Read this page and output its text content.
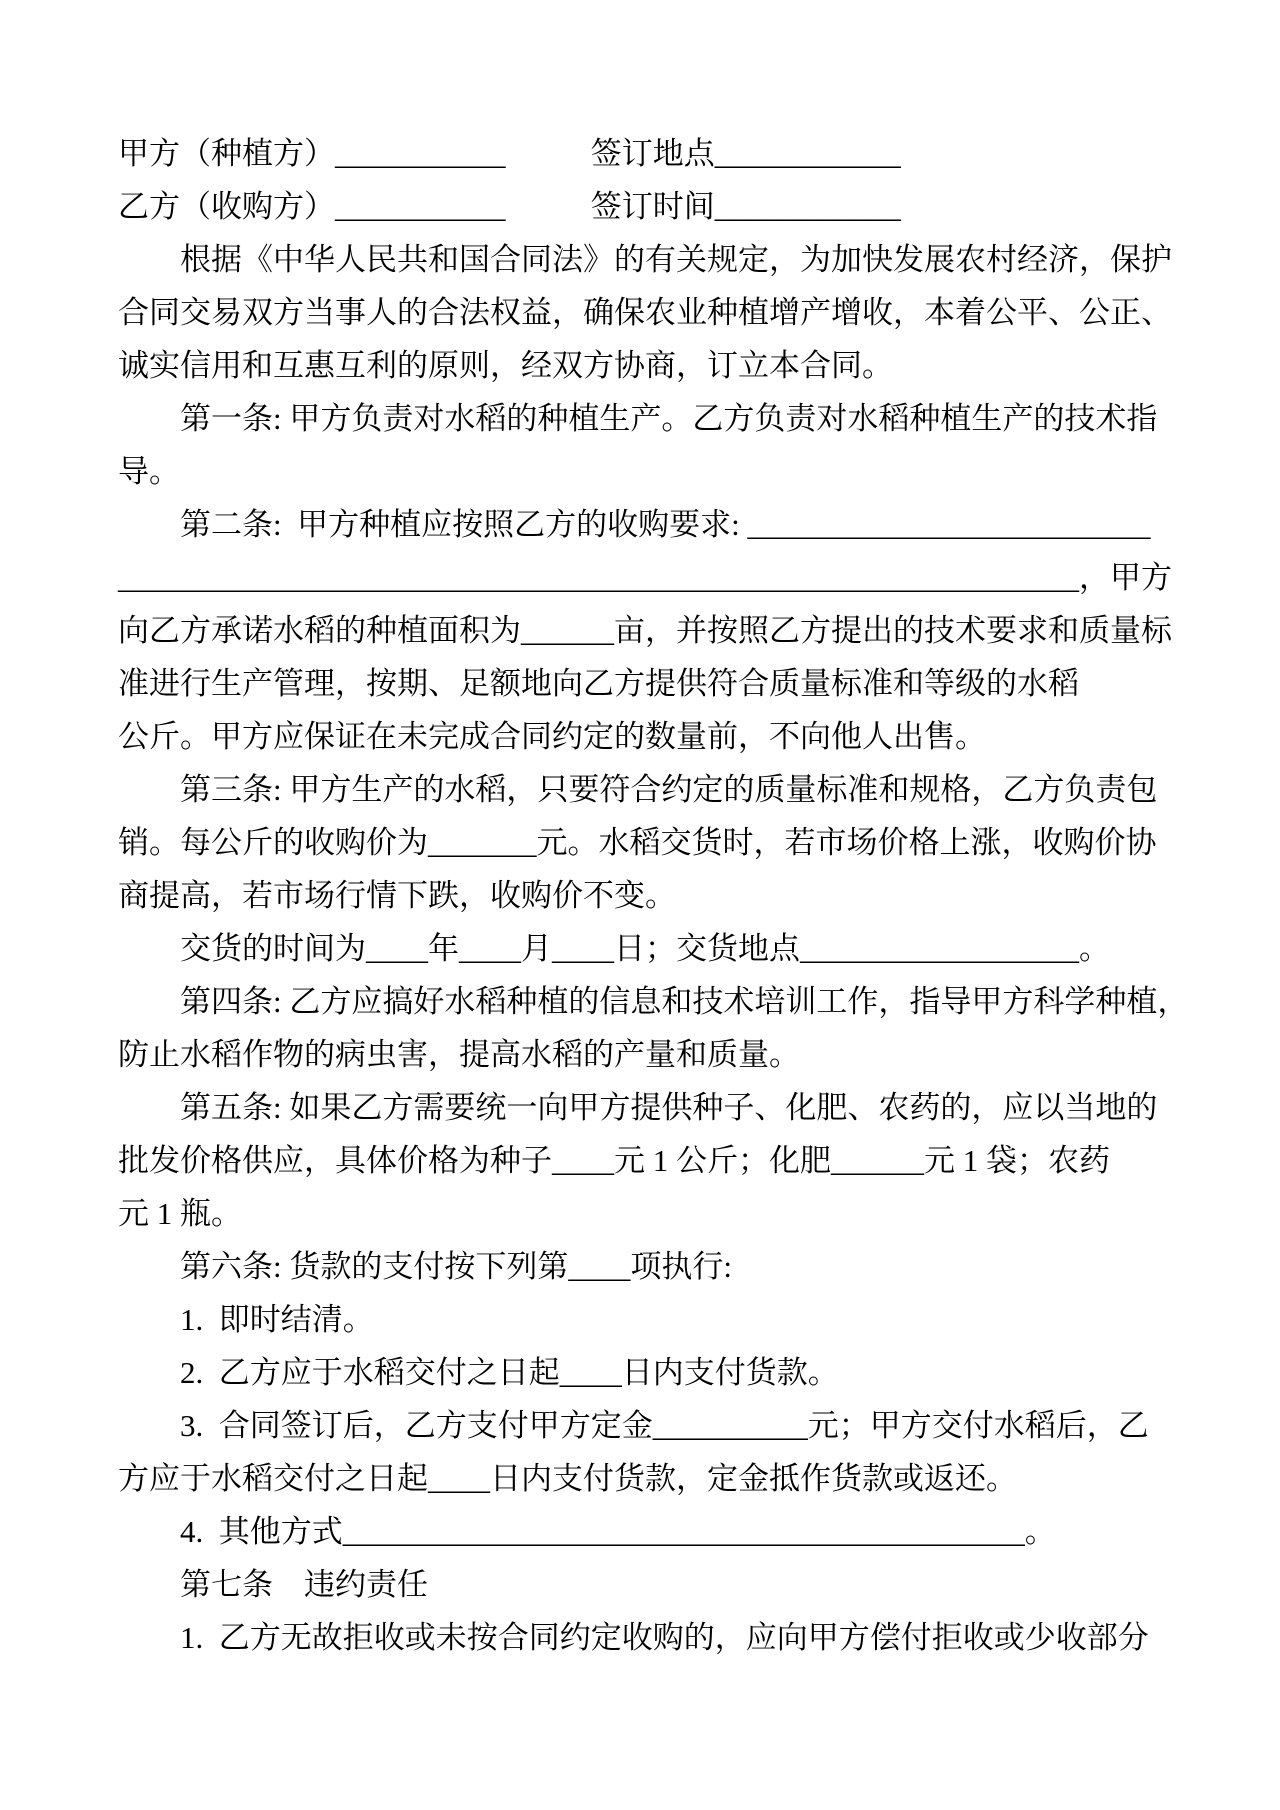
甲方（种植方）___________           签订地点____________
乙方（收购方）___________           签订时间____________
　　根据《中华人民共和国合同法》的有关规定，为加快发展农村经济，保护
合同交易双方当事人的合法权益，确保农业种植增产增收，本着公平、公正、
诚实信用和互惠互利的原则，经双方协商，订立本合同。
　　第一条: 甲方负责对水稻的种植生产。乙方负责对水稻种植生产的技术指
导。
　　第二条:  甲方种植应按照乙方的收购要求: __________________________
______________________________________________________________，甲方
向乙方承诺水稻的种植面积为______亩，并按照乙方提出的技术要求和质量标
准进行生产管理，按期、足额地向乙方提供符合质量标准和等级的水稻
公斤。甲方应保证在未完成合同约定的数量前，不向他人出售。
　　第三条: 甲方生产的水稻，只要符合约定的质量标准和规格，乙方负责包
销。每公斤的收购价为_______元。水稻交货时，若市场价格上涨，收购价协
商提高，若市场行情下跌，收购价不变。
　　交货的时间为____年____月____日；交货地点__________________。
　　第四条: 乙方应搞好水稻种植的信息和技术培训工作，指导甲方科学种植，
防止水稻作物的病虫害，提高水稻的产量和质量。
　　第五条: 如果乙方需要统一向甲方提供种子、化肥、农药的，应以当地的
批发价格供应，具体价格为种子____元 1 公斤；化肥______元 1 袋；农药
元 1 瓶。
　　第六条: 货款的支付按下列第____项执行:
　　1.  即时结清。
　　2.  乙方应于水稻交付之日起____日内支付货款。
　　3.  合同签订后，乙方支付甲方定金__________元；甲方交付水稻后，乙
方应于水稻交付之日起____日内支付货款，定金抵作货款或返还。
　　4.  其他方式____________________________________________。
　　第七条　违约责任
　　1.  乙方无故拒收或未按合同约定收购的，应向甲方偿付拒收或少收部分
